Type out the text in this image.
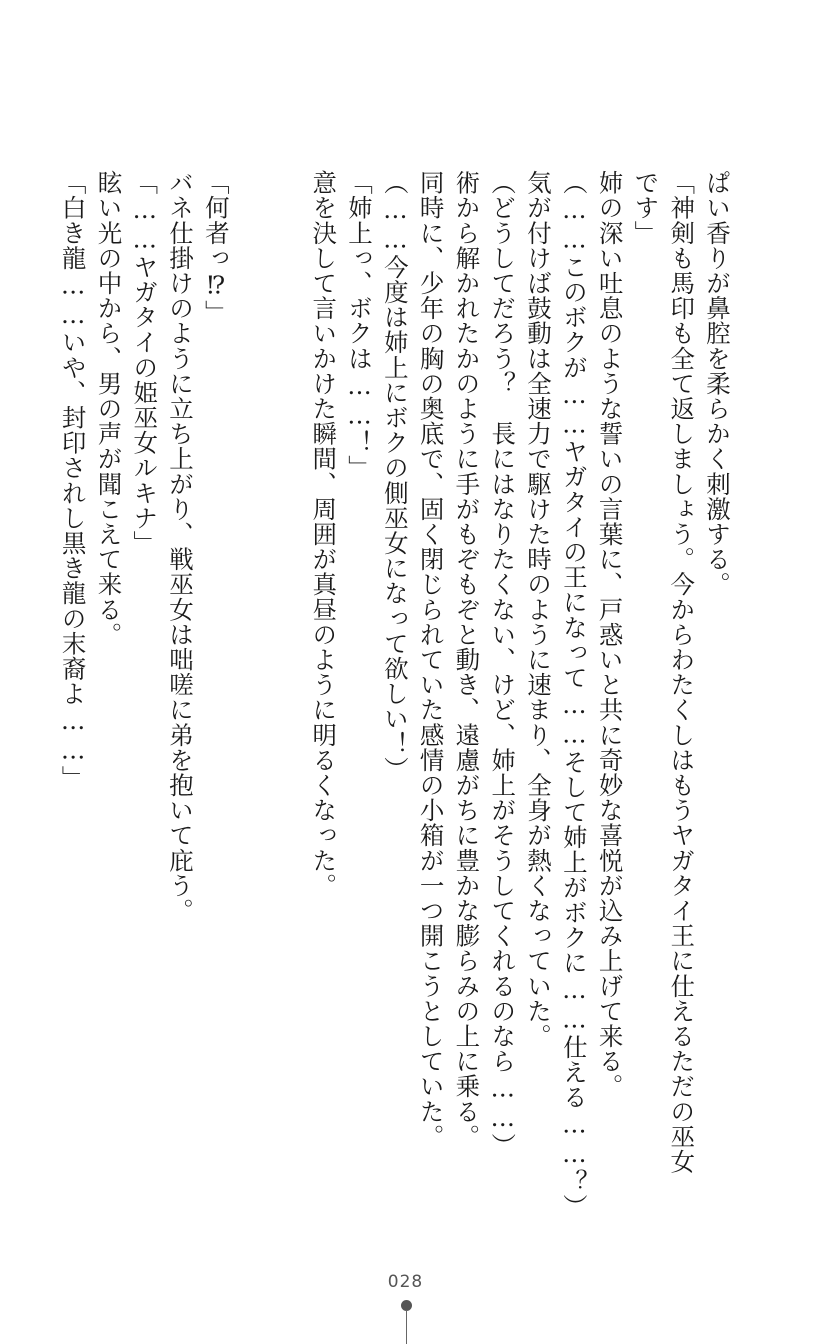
ぱい香りが鼻腔を柔らかく刺激する。
「神剣も馬印も全て返しましょう。今からわたくしはもうヤガタイ王に仕えるただの巫女
です」
姉の深い吐息のような誓いの言葉に、戸惑いと共に奇妙な喜悦が込み上げて来る。
（……このボクが……ヤガタイの王になって……そして姉上がボクに……仕える……？）
気が付けば鼓動は全速力で駆けた時のように速まり、全身が熱くなっていた。
（どうしてだろう？　長にはなりたくない、けど、姉上がそうしてくれるのなら……）
術から解かれたかのように手がもぞもぞと動き、遠慮がちに豊かな膨らみの上に乗る。
同時に、少年の胸の奥底で、固く閉じられていた感情の小箱が一つ開こうとしていた。
（……今度は姉上にボクの側巫女になって欲しい！）
「姉上っ、ボクは……！」
意を決して言いかけた瞬間、周囲が真昼のように明るくなった。
「何者っ⁉」
バネ仕掛けのように立ち上がり、戦巫女は咄嗟に弟を抱いて庇う。
「……ヤガタイの姫巫女ルキナ」
眩い光の中から、男の声が聞こえて来る。
「白き龍……いや、封印されし黒き龍の末裔よ……」
028
